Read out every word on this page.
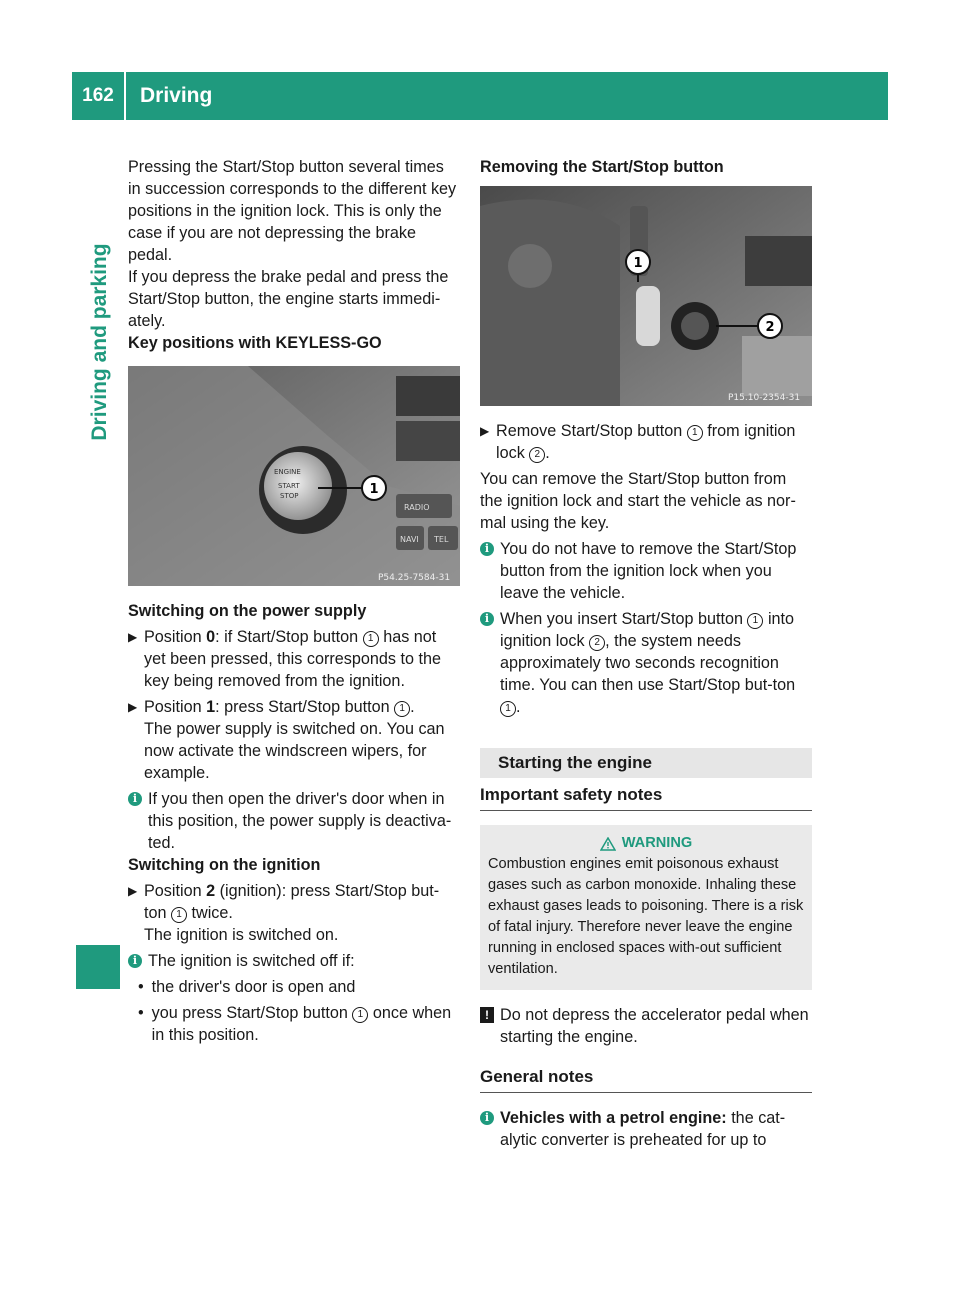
162	Driving
Driving and parking

Pressing the Start/Stop button several times in succession corresponds to the different key positions in the ignition lock. This is only the case if you are not depressing the brake pedal.

If you depress the brake pedal and press the Start/Stop button, the engine starts immedi-ately.

Key positions with KEYLESS-GO

ENGINE
START
STOP	1
RADIO
NAVI TEL
P54.25-7584-31

Switching on the power supply

▶ Position 0: if Start/Stop button 1 has not yet been pressed, this corresponds to the key being removed from the ignition.
▶ Position 1: press Start/Stop button 1 .
The power supply is switched on. You can now activate the windscreen wipers, for example.
i If you then open the driver's door when in this position, the power supply is deactiva-ted.

Switching on the ignition

▶ Position 2 (ignition): press Start/Stop but-ton 1 twice.
The ignition is switched on.
i The ignition is switched off if:
• the driver's door is open and
• you press Start/Stop button 1 once when in this position.

Removing the Start/Stop button

1
2
P15.10-2354-31
▶ Remove Start/Stop button 1 from ignition lock 2 .

You can remove the Start/Stop button from the ignition lock and start the vehicle as nor-mal using the key.

i You do not have to remove the Start/Stop button from the ignition lock when you leave the vehicle.
i When you insert Start/Stop button 1 into ignition lock 2 , the system needs approximately two seconds recognition time. You can then use Start/Stop but-ton 1 .
Starting the engine
Important safety notes
WARNING
Combustion engines emit poisonous exhaust gases such as carbon monoxide. Inhaling these exhaust gases leads to poisoning. There is a risk of fatal injury. Therefore never leave the engine running in enclosed spaces with-out sufficient ventilation.
! Do not depress the accelerator pedal when starting the engine.
General notes
i Vehicles with a petrol engine: the cat-alytic converter is preheated for up to
